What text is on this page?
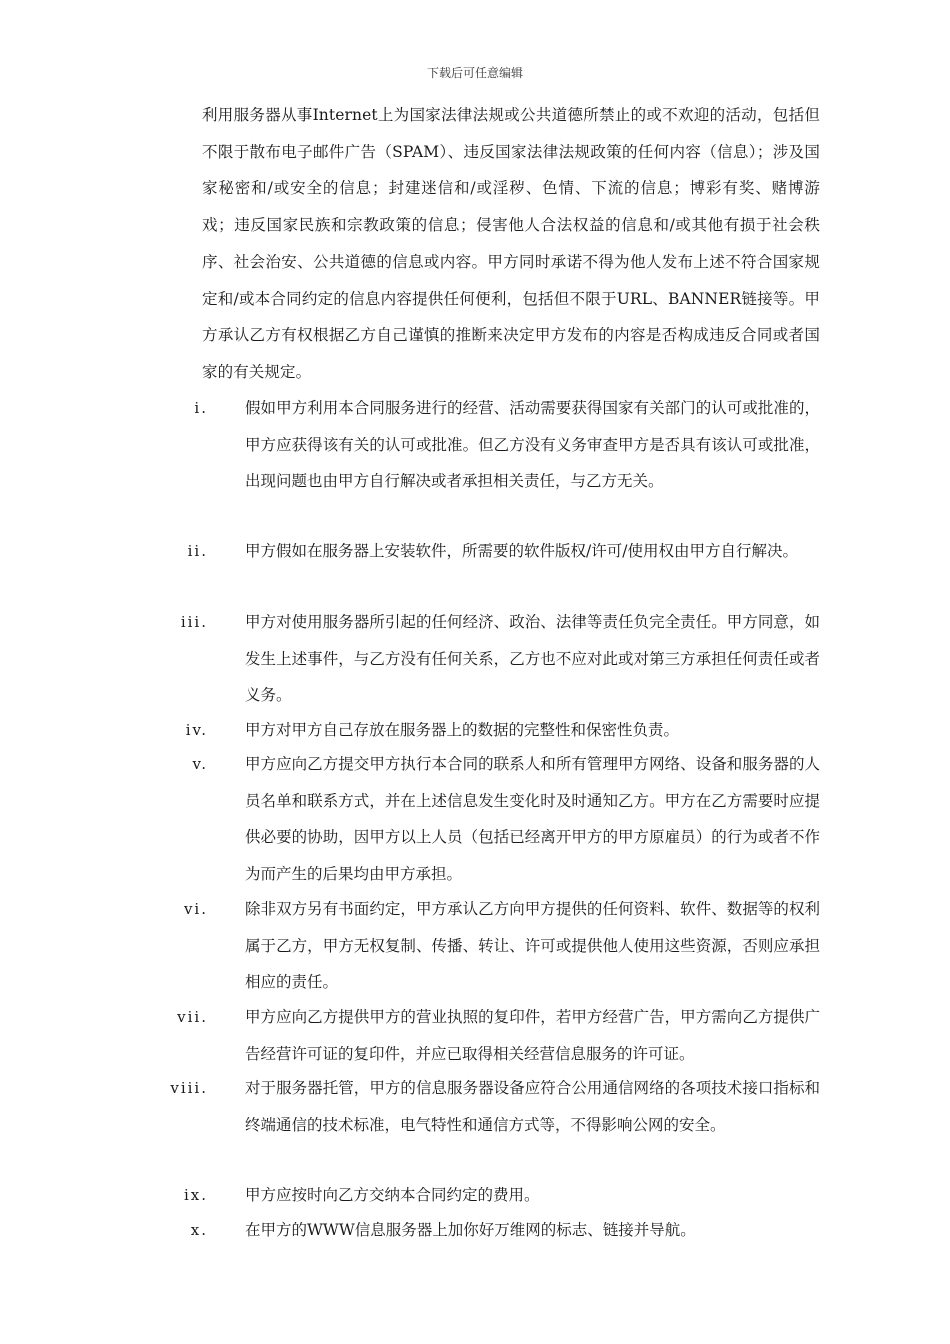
下载后可任意编辑

利用服务器从事Internet上为国家法律法规或公共道德所禁止的或不欢迎的活动，包括但不限于散布电子邮件广告（SPAM）、违反国家法律法规政策的任何内容（信息）；涉及国家秘密和/或安全的信息；封建迷信和/或淫秽、色情、下流的信息；博彩有奖、赌博游戏；违反国家民族和宗教政策的信息；侵害他人合法权益的信息和/或其他有损于社会秩序、社会治安、公共道德的信息或内容。甲方同时承诺不得为他人发布上述不符合国家规定和/或本合同约定的信息内容提供任何便利，包括但不限于URL、BANNER链接等。甲方承认乙方有权根据乙方自己谨慎的推断来决定甲方发布的内容是否构成违反合同或者国家的有关规定。

i. 假如甲方利用本合同服务进行的经营、活动需要获得国家有关部门的认可或批准的，甲方应获得该有关的认可或批准。但乙方没有义务审查甲方是否具有该认可或批准，出现问题也由甲方自行解决或者承担相关责任，与乙方无关。

ii. 甲方假如在服务器上安装软件，所需要的软件版权/许可/使用权由甲方自行解决。

iii. 甲方对使用服务器所引起的任何经济、政治、法律等责任负完全责任。甲方同意，如发生上述事件，与乙方没有任何关系，乙方也不应对此或对第三方承担任何责任或者义务。

iv. 甲方对甲方自己存放在服务器上的数据的完整性和保密性负责。

v. 甲方应向乙方提交甲方执行本合同的联系人和所有管理甲方网络、设备和服务器的人员名单和联系方式，并在上述信息发生变化时及时通知乙方。甲方在乙方需要时应提供必要的协助，因甲方以上人员（包括已经离开甲方的甲方原雇员）的行为或者不作为而产生的后果均由甲方承担。

vi. 除非双方另有书面约定，甲方承认乙方向甲方提供的任何资料、软件、数据等的权利属于乙方，甲方无权复制、传播、转让、许可或提供他人使用这些资源，否则应承担相应的责任。

vii. 甲方应向乙方提供甲方的营业执照的复印件，若甲方经营广告，甲方需向乙方提供广告经营许可证的复印件，并应已取得相关经营信息服务的许可证。

viii. 对于服务器托管，甲方的信息服务器设备应符合公用通信网络的各项技术接口指标和终端通信的技术标准，电气特性和通信方式等，不得影响公网的安全。

ix. 甲方应按时向乙方交纳本合同约定的费用。

x. 在甲方的WWW信息服务器上加你好万维网的标志、链接并导航。
